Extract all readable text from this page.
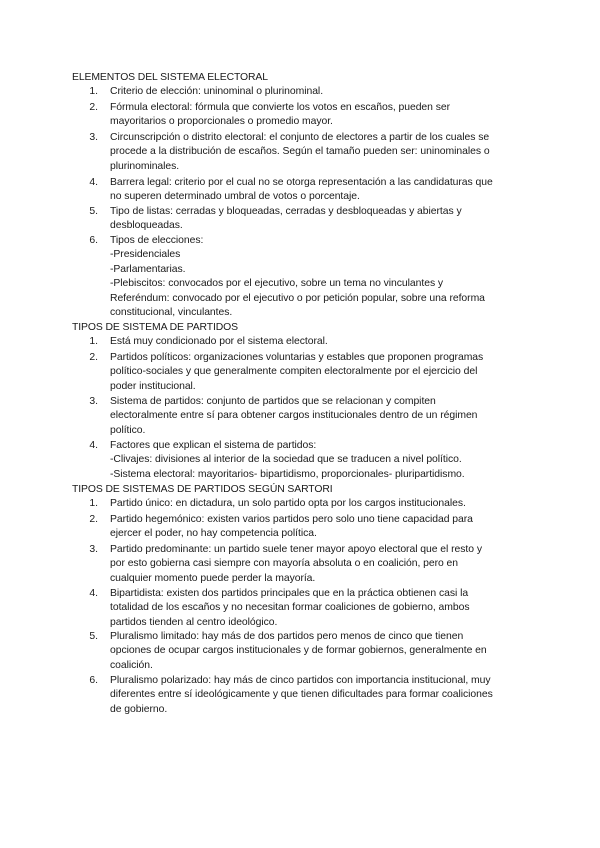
ELEMENTOS DEL SISTEMA ELECTORAL
1. Criterio de elección: uninominal o plurinominal.
2. Fórmula electoral: fórmula que convierte los votos en escaños, pueden ser
mayoritarios o proporcionales o promedio mayor.
3. Circunscripción o distrito electoral: el conjunto de electores a partir de los cuales se
procede a la distribución de escaños. Según el tamaño pueden ser: uninominales o
plurinominales.
4. Barrera legal: criterio por el cual no se otorga representación a las candidaturas que
no superen determinado umbral de votos o porcentaje.
5. Tipo de listas: cerradas y bloqueadas, cerradas y desbloqueadas y abiertas y
desbloqueadas.
6. Tipos de elecciones:
-Presidenciales
-Parlamentarias.
-Plebiscitos: convocados por el ejecutivo, sobre un tema no vinculantes y
Referéndum: convocado por el ejecutivo o por petición popular, sobre una reforma
constitucional, vinculantes.
TIPOS DE SISTEMA DE PARTIDOS
1. Está muy condicionado por el sistema electoral.
2. Partidos políticos: organizaciones voluntarias y estables que proponen programas
político-sociales y que generalmente compiten electoralmente por el ejercicio del
poder institucional.
3. Sistema de partidos: conjunto de partidos que se relacionan y compiten
electoralmente entre sí para obtener cargos institucionales dentro de un régimen
político.
4. Factores que explican el sistema de partidos:
-Clivajes: divisiones al interior de la sociedad que se traducen a nivel político.
-Sistema electoral: mayoritarios- bipartidismo, proporcionales- pluripartidismo.
TIPOS DE SISTEMAS DE PARTIDOS SEGÚN SARTORI
1. Partido único: en dictadura, un solo partido opta por los cargos institucionales.
2. Partido hegemónico: existen varios partidos pero solo uno tiene capacidad para
ejercer el poder, no hay competencia política.
3. Partido predominante: un partido suele tener mayor apoyo electoral que el resto y
por esto gobierna casi siempre con mayoría absoluta o en coalición, pero en
cualquier momento puede perder la mayoría.
4. Bipartidista: existen dos partidos principales que en la práctica obtienen casi la
totalidad de los escaños y no necesitan formar coaliciones de gobierno, ambos
partidos tienden al centro ideológico.
5. Pluralismo limitado: hay más de dos partidos pero menos de cinco que tienen
opciones de ocupar cargos institucionales y de formar gobiernos, generalmente en
coalición.
6. Pluralismo polarizado: hay más de cinco partidos con importancia institucional, muy
diferentes entre sí ideológicamente y que tienen dificultades para formar coaliciones
de gobierno.
